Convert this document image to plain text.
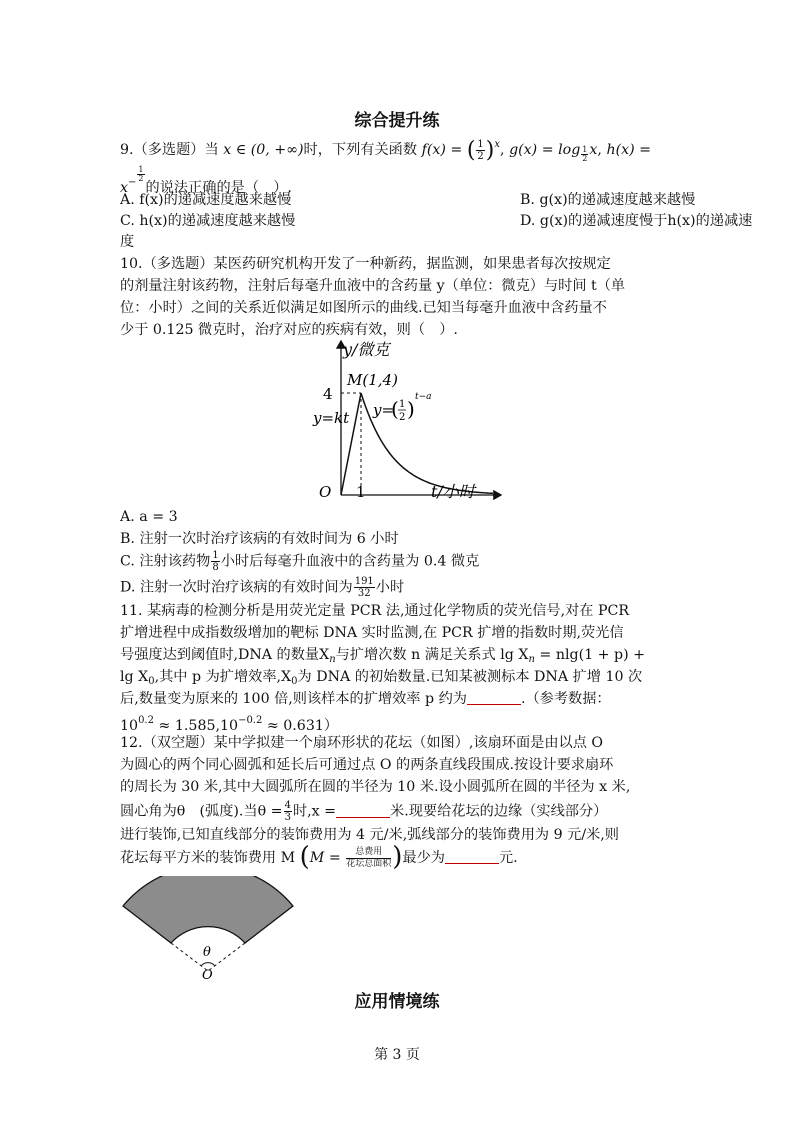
综合提升练
9.（多选题）当 x ∈ (0, +∞)时，下列有关函数 f(x) = ( $\frac{1}{2} )^x$, g(x) = log $_{\frac{1}{2}}$ x, h(x) =
$x^{- \frac{1}{2}}$
的说法正确的是（　）.
A. f(x)的递减速度越来越慢	B. g(x)的递减速度越来越慢
C. h(x)的递减速度越来越慢	D. g(x)的递减速度慢于h(x)的递减速
度
10.（多选题）某医药研究机构开发了一种新药，据监测，如果患者每次按规定
的剂量注射该药物，注射后每毫升血液中的含药量 y（单位：微克）与时间 t（单
位：小时）之间的关系近似满足如图所示的曲线.已知当每毫升血液中含药量不
少于 0.125 微克时，治疗对应的疾病有效，则（　）.
y/微克
M(1,4)
4
y=kt y=
( 1
2 ) t−a
O 1	t/小时
A. a = 3
B. 注射一次时治疗该病的有效时间为 6 小时
C. 注射该药物 $\frac{1}{8}$ 小时后每毫升血液中的含药量为 0.4 微克
D. 注射一次时治疗该病的有效时间为 $\frac{191}{32}$ 小时
11. 某病毒的检测分析是用荧光定量 PCR 法,通过化学物质的荧光信号,对在 PCR
扩增进程中成指数级增加的靶标 DNA 实时监测,在 PCR 扩增的指数时期,荧光信
号强度达到阈值时,DNA 的数量$X_n$与扩增次数 n 满足关系式 $\lg X_n = nlg(1 + p)$ +
$\lg X_0$,其中 p 为扩增效率$,X_0$为 DNA 的初始数量.已知某被测标本 DNA 扩增 10 次
后,数量变为原来的 100 倍,则该样本的扩增效率 p 约为	.（参考数据：
$10^{0.2} \approx 1.585,10^{-0.2} \approx 0.631$）
12.（双空题）某中学拟建一个扇环形状的花坛（如图）,该扇环面是由以点 O
为圆心的两个同心圆弧和延长后可通过点 O 的两条直线段围成.按设计要求扇环
的周长为 30 米,其中大圆弧所在圆的半径为 10 米.设小圆弧所在圆的半径为 x 米,
圆心角为θ　(弧度).当$\theta = \frac{4}{3}$ 时,x =	米.现要给花坛的边缘（实线部分）
进行装饰,已知直线部分的装饰费用为 4 元/米,弧线部分的装饰费用为 9 元/米,则
花坛每平方米的装饰费用 M ($M = \frac{\text{总费用}}{\text{花坛总面积}}$ )最少为	元.
θ
O
应用情境练
第 3 页
